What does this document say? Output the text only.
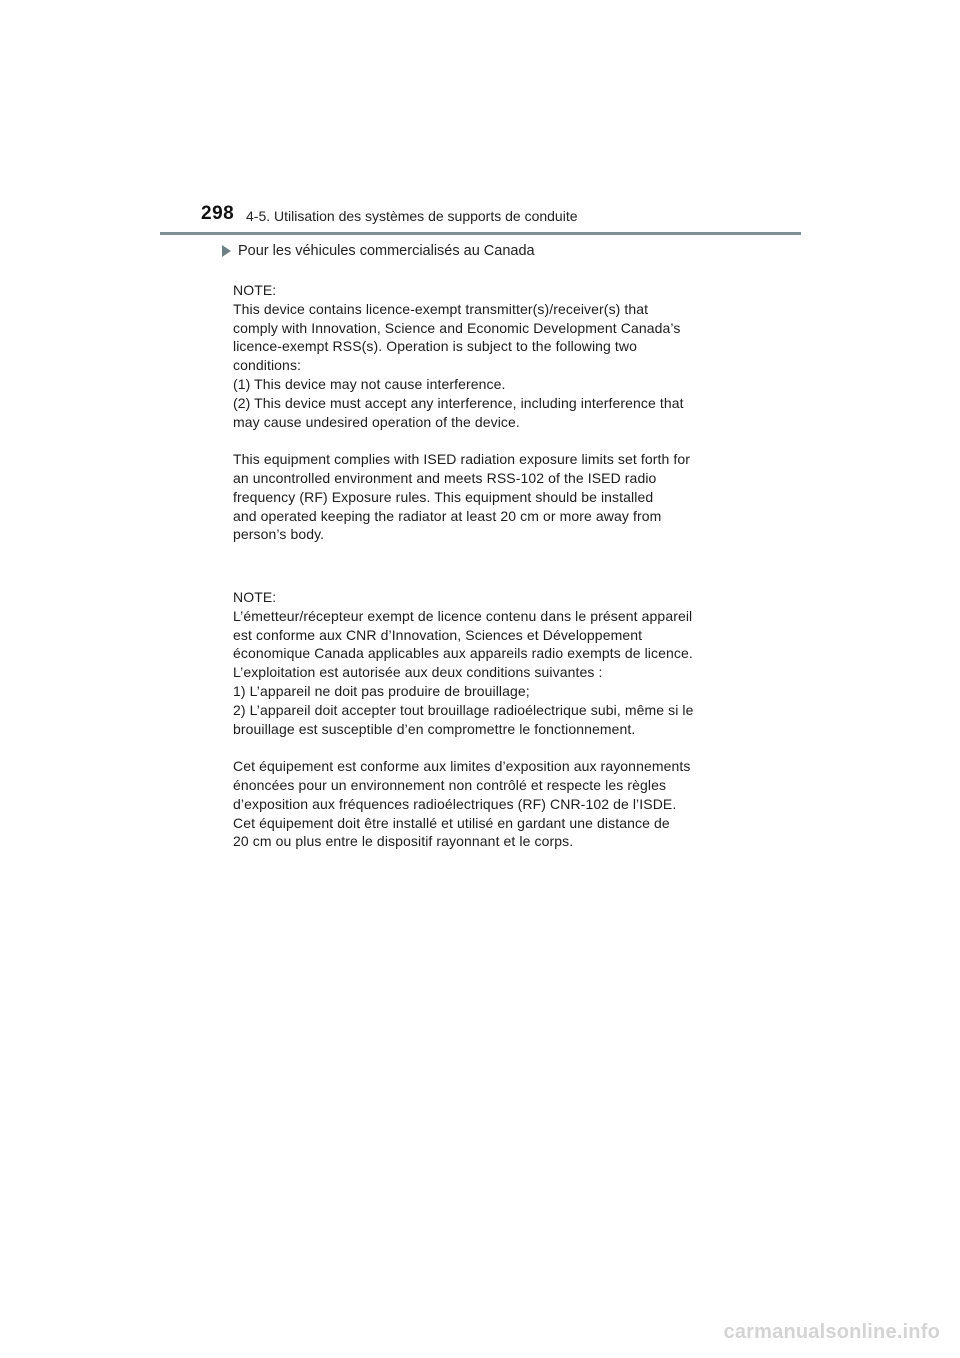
298 4-5. Utilisation des systèmes de supports de conduite
Pour les véhicules commercialisés au Canada
NOTE:
This device contains licence-exempt transmitter(s)/receiver(s) that
comply with Innovation, Science and Economic Development Canada’s
licence-exempt RSS(s). Operation is subject to the following two
conditions:
(1) This device may not cause interference.
(2) This device must accept any interference, including interference that
may cause undesired operation of the device.
This equipment complies with ISED radiation exposure limits set forth for
an uncontrolled environment and meets RSS-102 of the ISED radio
frequency (RF) Exposure rules. This equipment should be installed
and operated keeping the radiator at least 20 cm or more away from
person’s body.
NOTE:
L’émetteur/récepteur exempt de licence contenu dans le présent appareil
est conforme aux CNR d’Innovation, Sciences et Développement
économique Canada applicables aux appareils radio exempts de licence.
L’exploitation est autorisée aux deux conditions suivantes :
1) L’appareil ne doit pas produire de brouillage;
2) L’appareil doit accepter tout brouillage radioélectrique subi, même si le
brouillage est susceptible d’en compromettre le fonctionnement.
Cet équipement est conforme aux limites d’exposition aux rayonnements
énoncées pour un environnement non contrôlé et respecte les règles
d’exposition aux fréquences radioélectriques (RF) CNR-102 de l’ISDE.
Cet équipement doit être installé et utilisé en gardant une distance de
20 cm ou plus entre le dispositif rayonnant et le corps.
carmanualsonline.info
